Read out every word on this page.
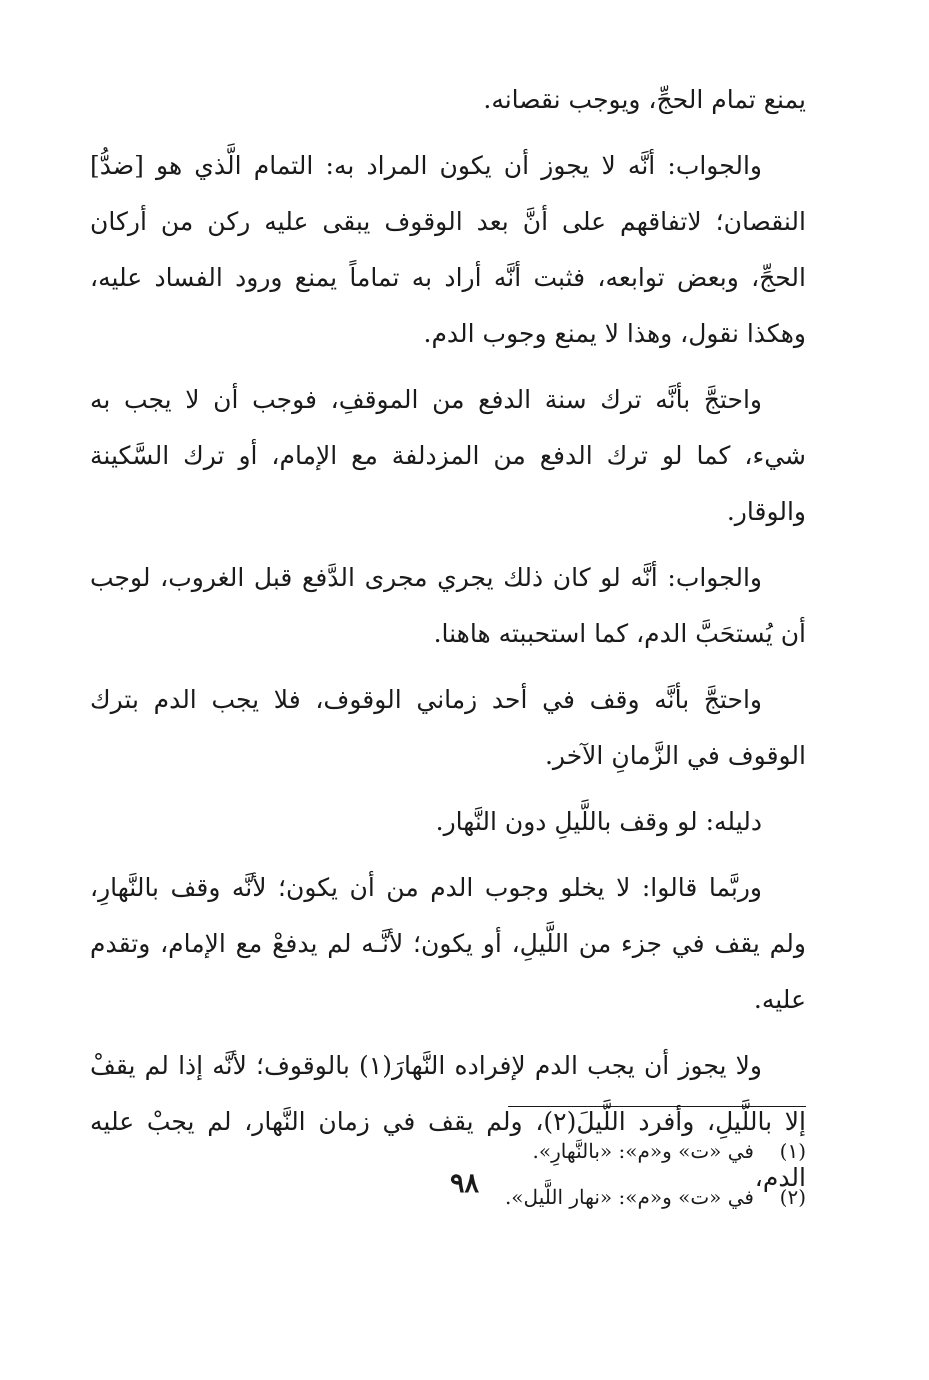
يمنع تمام الحجِّ، ويوجب نقصانه.

والجواب: أنَّه لا يجوز أن يكون المراد به: التمام الَّذي هو [ضدُّ] النقصان؛ لاتفاقهم على أنَّ بعد الوقوف يبقى عليه ركن من أركان الحجِّ، وبعض توابعه، فثبت أنَّه أراد به تماماً يمنع ورود الفساد عليه، وهكذا نقول، وهذا لا يمنع وجوب الدم.

واحتجَّ بأنَّه ترك سنة الدفع من الموقفِ، فوجب أن لا يجب به شيء، كما لو ترك الدفع من المزدلفة مع الإمام، أو ترك السَّكينة والوقار.

والجواب: أنَّه لو كان ذلك يجري مجرى الدَّفع قبل الغروب، لوجب أن يُستحَبَّ الدم، كما استحببته هاهنا.

واحتجَّ بأنَّه وقف في أحد زماني الوقوف، فلا يجب الدم بترك الوقوف في الزَّمانِ الآخر.

دليله: لو وقف باللَّيلِ دون النَّهار.

وربَّما قالوا: لا يخلو وجوب الدم من أن يكون؛ لأنَّه وقف بالنَّهارِ، ولم يقف في جزء من اللَّيلِ، أو يكون؛ لأنَّـه لم يدفعْ مع الإمام، وتقدم عليه.

ولا يجوز أن يجب الدم لإفراده النَّهارَ(١) بالوقوف؛ لأنَّه إذا لم يقفْ إلا باللَّيلِ، وأفرد اللَّيلَ(٢)، ولم يقف في زمان النَّهار، لم يجبْ عليه الدم،

(١)
في «ت» و«م»: «بالنَّهارِ».
(٢)
في «ت» و«م»: «نهار اللَّيل».
٩٨
